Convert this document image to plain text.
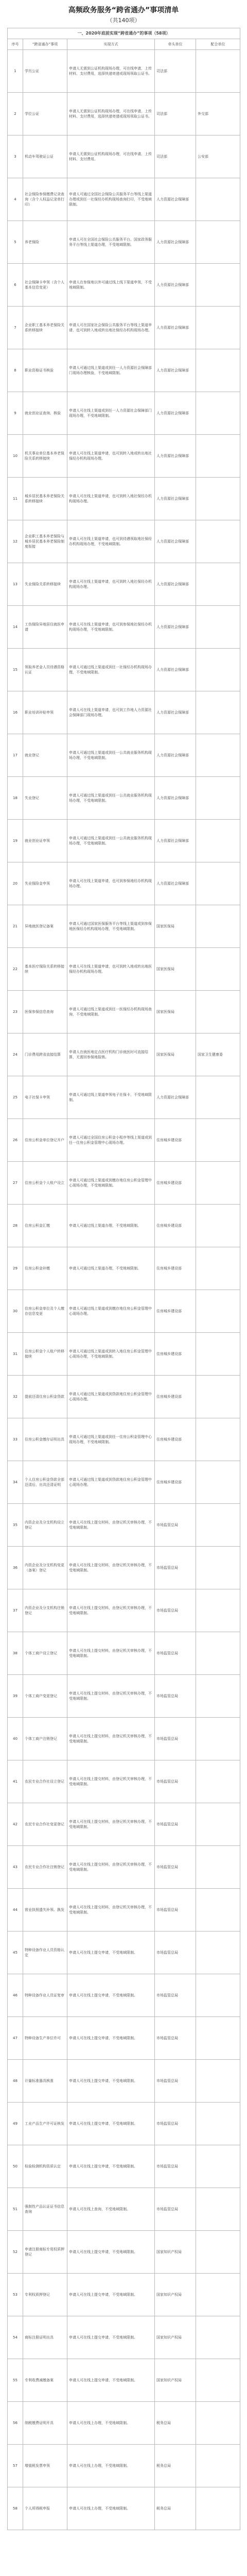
高频政务服务“跨省通办”事项清单
（共140项）
一、2020年底前实现“跨省通办”的事项（58项）				
序号	“跨省通办”事项	实现方式	牵头单位	配合单位
1	学历公证	申请人无需到公证机构现场办理，可在线申请、上传材料、支付费用，选择快递寄递或现场领取公证书。	司法部	
2	学位公证	申请人无需到公证机构现场办理，可在线申请、上传材料、支付费用，选择快递寄递或现场领取公证书。	司法部	外交部
3	机动车驾驶证公证	申请人无需到公证机构现场办理，可在线申请、上传材料、支付费用。	司法部	公安部
4	社会保险参保缴费记录查询（含个人权益记录单打印）	申请人可通过全国社会保险公共服务平台等线上渠道办理或到任一社保经办机构现场查询打印，不受地域限制。	人力资源社会保障部	
5	养老保险	申请人可在全国社会保险公共服务平台、国家政务服务平台等线上渠道办理，不受地域限制。	人力资源社会保障部	
6	社会保障卡申领（含个人基本信息变更）	申请人在参保地以外可通过线上线下渠道申领，不受地域限制。	人力资源社会保障部	
7	企业职工基本养老保险关系转移接续	申请人可在国家社会保险公共服务平台等线上渠道申请，也可到转入地或转出地社保经办机构现场办理。	人力资源社会保障部	
8	职业资格证书核验	申请人可通过线上渠道或到任一人力资源社会保障部门现场办理核验，不受地域限制。	人力资源社会保障部	
9	就业创业证查询、核验	申请人可在线上渠道或到任一人力资源社会保障部门现场办理，不受地域限制。	人力资源社会保障部	
10	机关事业单位基本养老保险关系转移接续	申请人可在线上渠道申请，也可到转入地或转出地社保经办机构现场办理。	人力资源社会保障部	
11	城乡居民基本养老保险关系转移接续	申请人可在线上渠道申请，也可到转入地社保经办机构现场办理。	人力资源社会保障部	
12	企业职工基本养老保险与城乡居民基本养老保险制度衔接	申请人可在线上渠道申请，也可到待遇领取地社保经办机构现场办理，不受地域限制。	人力资源社会保障部	
13	失业保险关系转移接续	申请人可在线上渠道申请，也可到转入地社保经办机构现场办理。	人力资源社会保障部	
14	工伤保险异地居住就医申请	申请人可在线上渠道申请，也可到参保地社保经办机构现场办理，不受地域限制。	人力资源社会保障部	
15	领取养老金人员待遇资格认证	申请人可通过线上渠道或到任一社保经办机构现场办理，不受地域限制。	人力资源社会保障部	
16	职业培训补贴申领	申请人可在线上渠道申请，也可到工作地人力资源社会保障部门现场办理。	人力资源社会保障部	
17	就业登记	申请人可通过线上渠道或到任一公共就业服务机构现场办理，不受地域限制。	人力资源社会保障部	
18	失业登记	申请人可通过线上渠道或到任一公共就业服务机构现场办理，不受地域限制。	人力资源社会保障部	
19	就业创业证申领	申请人可通过线上渠道或到任一公共就业服务机构现场办理，不受地域限制。	人力资源社会保障部	
20	失业保险金申领	申请人可在线上渠道申请，也可到参保地经办机构现场办理。	人力资源社会保障部	
21	异地就医登记备案	申请人可通过国家医保服务平台等线上渠道或到参保地医保经办机构现场办理，不受地域限制。	国家医保局	
22	基本医疗保险关系转移接续	申请人可在线上渠道申请，也可到转入地或转出地医保经办机构现场办理。	国家医保局	
23	医保参保信息查询	申请人可通过线上渠道或到任一医保经办机构现场查询，不受地域限制。	国家医保局	
24	门诊费用跨省直接结算	申请人在就医地定点医疗机构门诊就医时可直接结算，无需回参保地报销。	国家医保局	国家卫生健康委
25	电子社保卡申领	申请人可通过线上渠道申领电子社保卡，不受地域限制。	人力资源社会保障部	
26	住房公积金单位登记开户	申请人可通过全国住房公积金小程序等线上渠道或到任一住房公积金管理中心现场办理。	住房城乡建设部	
27	住房公积金个人账户设立	申请人可通过线上渠道或到缴存地住房公积金管理中心现场办理，不受地域限制。	住房城乡建设部	
28	住房公积金汇缴	申请人可通过线上渠道办理，不受地域限制。	住房城乡建设部	
29	住房公积金补缴	申请人可通过线上渠道办理，不受地域限制。	住房城乡建设部	
30	住房公积金单位及个人缴存信息变更	申请人可通过线上渠道或到缴存地住房公积金管理中心现场办理。	住房城乡建设部	
31	住房公积金个人账户转移接续	申请人可通过线上渠道或到转入地住房公积金管理中心现场办理，不受地域限制。	住房城乡建设部	
32	提前还清住房公积金贷款	申请人可通过线上渠道或到贷款地住房公积金管理中心现场办理。	住房城乡建设部	
33	住房公积金缴存证明出具	申请人可通过线上渠道或到任一住房公积金管理中心现场办理，不受地域限制。	住房城乡建设部	
34	个人住房公积金贷款全部还清后，出具还清证明	申请人可通过线上渠道或到贷款地住房公积金管理中心现场办理。	住房城乡建设部	
35	内资企业及分支机构设立登记	申请人可在线上提交材料，由登记机关审核办理，不受地域限制。	市场监管总局	
36	内资企业及分支机构变更（备案）登记	申请人可在线上提交材料，由登记机关审核办理，不受地域限制。	市场监管总局	
37	内资企业及分支机构注销登记	申请人可在线上提交材料，由登记机关审核办理，不受地域限制。	市场监管总局	
38	个体工商户设立登记	申请人可在线上提交材料，由登记机关审核办理，不受地域限制。	市场监管总局	
39	个体工商户变更登记	申请人可在线上提交材料，由登记机关审核办理，不受地域限制。	市场监管总局	
40	个体工商户注销登记	申请人可在线上提交材料，由登记机关审核办理，不受地域限制。	市场监管总局	
41	农民专业合作社设立登记	申请人可在线上提交材料，由登记机关审核办理，不受地域限制。	市场监管总局	
42	农民专业合作社变更登记	申请人可在线上提交材料，由登记机关审核办理，不受地域限制。	市场监管总局	
43	农民专业合作社注销登记	申请人可在线上提交材料，由登记机关审核办理，不受地域限制。	市场监管总局	
44	营业执照遗失补领、换发	申请人可在线上提交材料，由登记机关审核办理，不受地域限制。	市场监管总局	
45	特种设备作业人员资格认定	申请人可在线上提交申请，不受地域限制。	市场监管总局	
46	特种设备作业人员证复审	申请人可在线上提交申请，不受地域限制。	市场监管总局	
47	特种设备生产单位许可	申请人可在线上提交申请，不受地域限制。	市场监管总局	
48	计量标准器具核准	申请人可在线上提交申请，不受地域限制。	市场监管总局	
49	工业产品生产许可证核发	申请人可在线上提交申请，不受地域限制。	市场监管总局	
50	检验检测机构资质认定	申请人可在线上提交申请，不受地域限制。	市场监管总局	
51	强制性产品认证证书信息查询	申请人可在线上查询，不受地域限制。	市场监管总局	
52	申请注册商标专用权质押登记	申请人可在线上提交申请，不受地域限制。	国家知识产权局	
53	专利权质押登记	申请人可在线上提交申请，不受地域限制。	国家知识产权局	
54	商标注册证明出具	申请人可在线上提交申请，不受地域限制。	国家知识产权局	
55	专利收费减缴备案	申请人可在线上提交申请，不受地域限制。	国家知识产权局	
56	纳税缴费证明开具	申请人可在线上办理，不受地域限制。	税务总局	
57	增值税发票申领	申请人可在线上办理，不受地域限制。	税务总局	
58	个人所得税申报	申请人可在线上办理，不受地域限制。	税务总局	
